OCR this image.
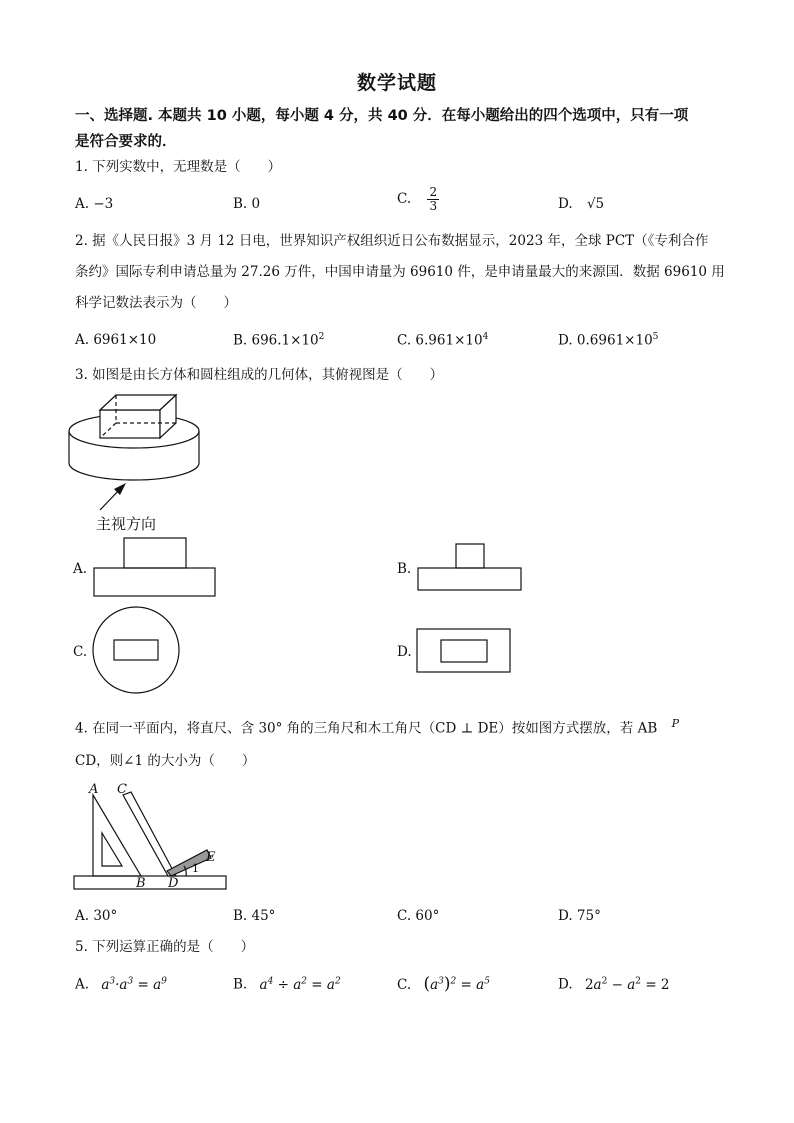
数学试题
一、选择题. 本题共 10 小题，每小题 4 分，共 40 分．在每小题给出的四个选项中，只有一项
是符合要求的．
1. 下列实数中，无理数是（　　）
A. −3	B. 0	C. $\frac{2}{3}$	D. √5
2. 据《人民日报》3 月 12 日电，世界知识产权组织近日公布数据显示，2023 年，全球 PCT（《专利合作
条约》国际专利申请总量为 27.26 万件，中国申请量为 69610 件，是申请量最大的来源国．数据 69610 用
科学记数法表示为（　　）
A. 6961×10	B. $696.1\times 10^2$	C. $6.961\times 10^4$	D. $0.6961\times 10^5$
3. 如图是由长方体和圆柱组成的几何体，其俯视图是（　　）
主视方向
A.	B.
C.	D.
4. 在同一平面内，将直尺、含 30° 角的三角尺和木工角尺（CD ⊥ DE）按如图方式摆放，若 AB $^P$
CD，则∠1 的大小为（　　）
A C
B D
E
1
A. 30°	B. 45°	C. 60°	D. 75°
5. 下列运算正确的是（　　）
A. $a^3\cdot a^3 = a^9$	B. $a^4 \div a^2 = a^2$	C. $(a^3)^2 = a^5$	D. $2a^2 - a^2 = 2$
